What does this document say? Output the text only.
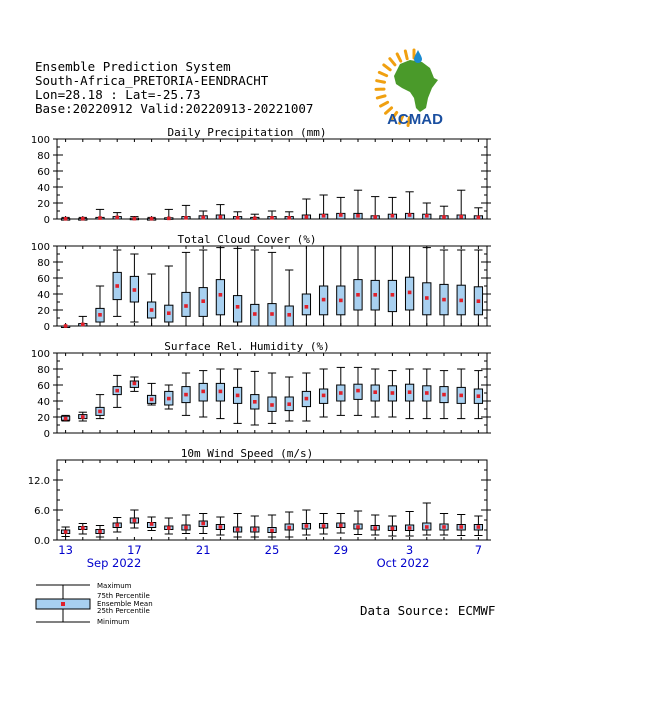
Ensemble Prediction System
South-Africa_PRETORIA-EENDRACHT
Lon=28.18 : Lat=-25.73
Base:20220912 Valid:20220913-20221007
ACMAD
0
20
40
60
80
100
Daily Precipitation (mm)
0
20
40
60
80
100
Total Cloud Cover (%)
0
20
40
60
80
100
Surface Rel. Humidity (%)
0.0
6.0
12.0
10m Wind Speed (m/s)
13	17	21	25	29	3	7
Sep 2022	Oct 2022
Maximum
75th Percentile
Ensemble Mean
25th Percentile
Minimum
Data Source: ECMWF
